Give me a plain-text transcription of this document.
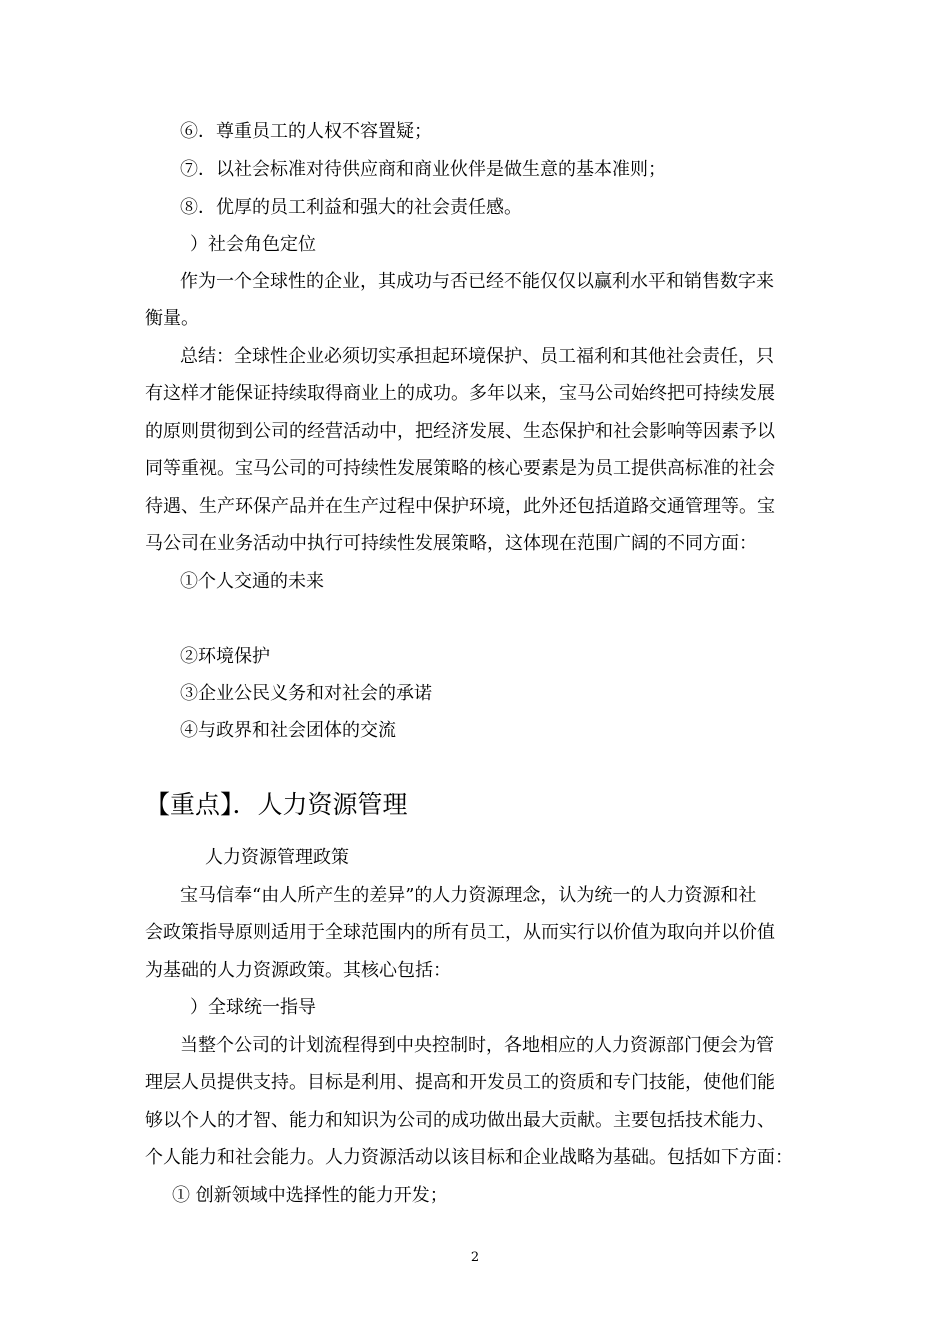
⑥．尊重员工的人权不容置疑；
⑦．以社会标准对待供应商和商业伙伴是做生意的基本准则；
⑧．优厚的员工利益和强大的社会责任感。
）社会角色定位
作为一个全球性的企业，其成功与否已经不能仅仅以赢利水平和销售数字来
衡量。
总结：全球性企业必须切实承担起环境保护、员工福利和其他社会责任，只
有这样才能保证持续取得商业上的成功。多年以来，宝马公司始终把可持续发展
的原则贯彻到公司的经营活动中，把经济发展、生态保护和社会影响等因素予以
同等重视。宝马公司的可持续性发展策略的核心要素是为员工提供高标准的社会
待遇、生产环保产品并在生产过程中保护环境，此外还包括道路交通管理等。宝
马公司在业务活动中执行可持续性发展策略，这体现在范围广阔的不同方面：
①个人交通的未来
②环境保护
③企业公民义务和对社会的承诺
④与政界和社会团体的交流
【重点】．人力资源管理
人力资源管理政策
宝马信奉“由人所产生的差异”的人力资源理念，认为统一的人力资源和社
会政策指导原则适用于全球范围内的所有员工，从而实行以价值为取向并以价值
为基础的人力资源政策。其核心包括：
）全球统一指导
当整个公司的计划流程得到中央控制时，各地相应的人力资源部门便会为管
理层人员提供支持。目标是利用、提高和开发员工的资质和专门技能，使他们能
够以个人的才智、能力和知识为公司的成功做出最大贡献。主要包括技术能力、
个人能力和社会能力。人力资源活动以该目标和企业战略为基础。包括如下方面：
① 创新领域中选择性的能力开发；
2
